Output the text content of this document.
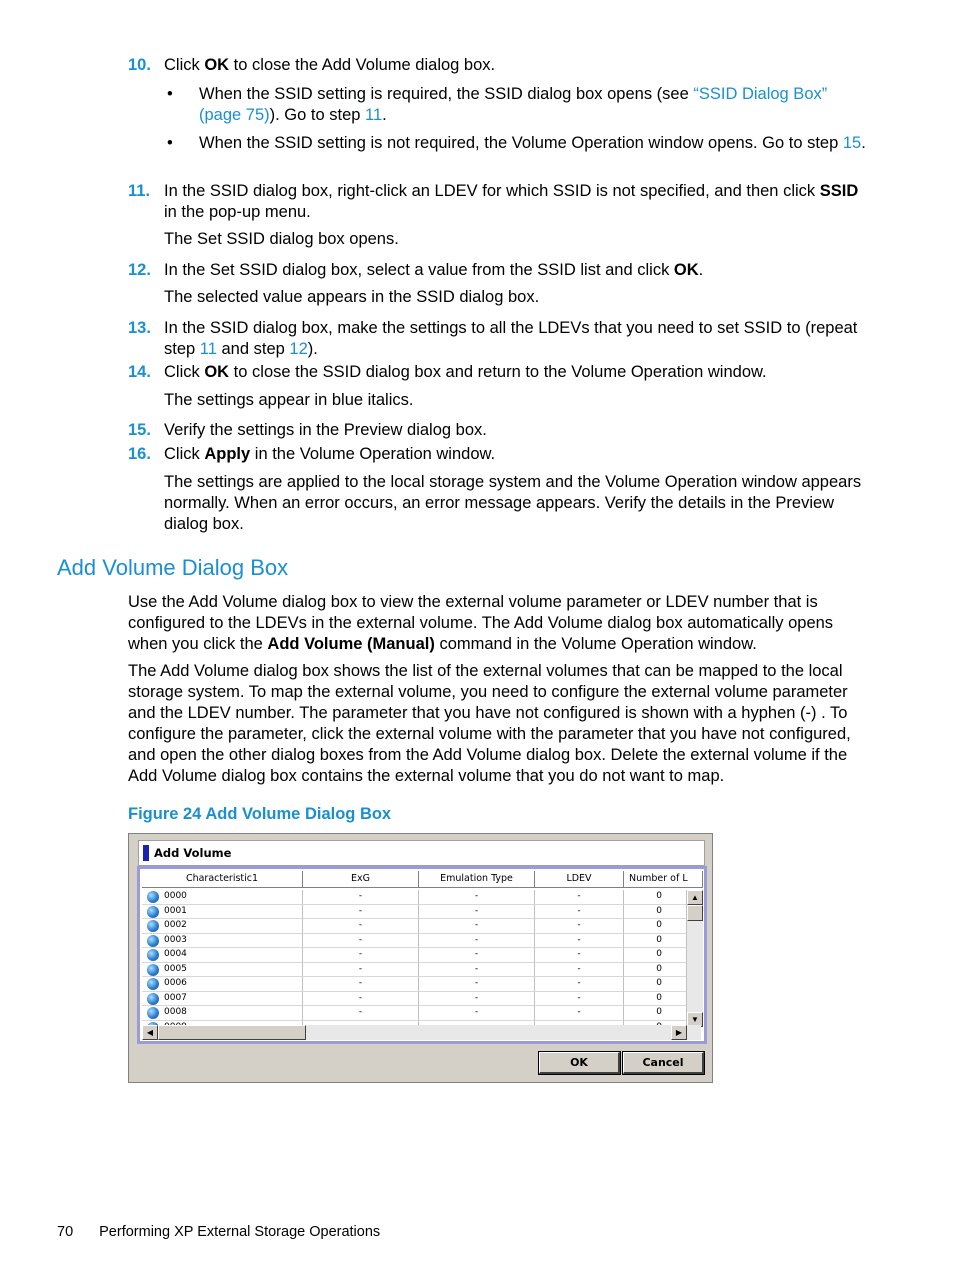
10. Click OK to close the Add Volume dialog box.
• When the SSID setting is required, the SSID dialog box opens (see “SSID Dialog Box” (page 75)). Go to step 11.
• When the SSID setting is not required, the Volume Operation window opens. Go to step 15.
11. In the SSID dialog box, right-click an LDEV for which SSID is not specified, and then click SSID in the pop-up menu.
The Set SSID dialog box opens.
12. In the Set SSID dialog box, select a value from the SSID list and click OK.
The selected value appears in the SSID dialog box.
13. In the SSID dialog box, make the settings to all the LDEVs that you need to set SSID to (repeat step 11 and step 12).
14. Click OK to close the SSID dialog box and return to the Volume Operation window.
The settings appear in blue italics.
15. Verify the settings in the Preview dialog box.
16. Click Apply in the Volume Operation window.
The settings are applied to the local storage system and the Volume Operation window appears normally. When an error occurs, an error message appears. Verify the details in the Preview dialog box.
Add Volume Dialog Box
Use the Add Volume dialog box to view the external volume parameter or LDEV number that is configured to the LDEVs in the external volume. The Add Volume dialog box automatically opens when you click the Add Volume (Manual) command in the Volume Operation window.
The Add Volume dialog box shows the list of the external volumes that can be mapped to the local storage system. To map the external volume, you need to configure the external volume parameter and the LDEV number. The parameter that you have not configured is shown with a hyphen (-) . To configure the parameter, click the external volume with the parameter that you have not configured, and open the other dialog boxes from the Add Volume dialog box. Delete the external volume if the Add Volume dialog box contains the external volume that you do not want to map.
Figure 24 Add Volume Dialog Box
Add Volume
Characteristic1	ExG	Emulation Type	LDEV	Number of L
0000	-	-	-	0
0001	-	-	-	0
0002	-	-	-	0
0003	-	-	-	0
0004	-	-	-	0
0005	-	-	-	0
0006	-	-	-	0
0007	-	-	-	0
0008	-	-	-	0
▲
▼
◀	▶
OK	Cancel
70 Performing XP External Storage Operations
